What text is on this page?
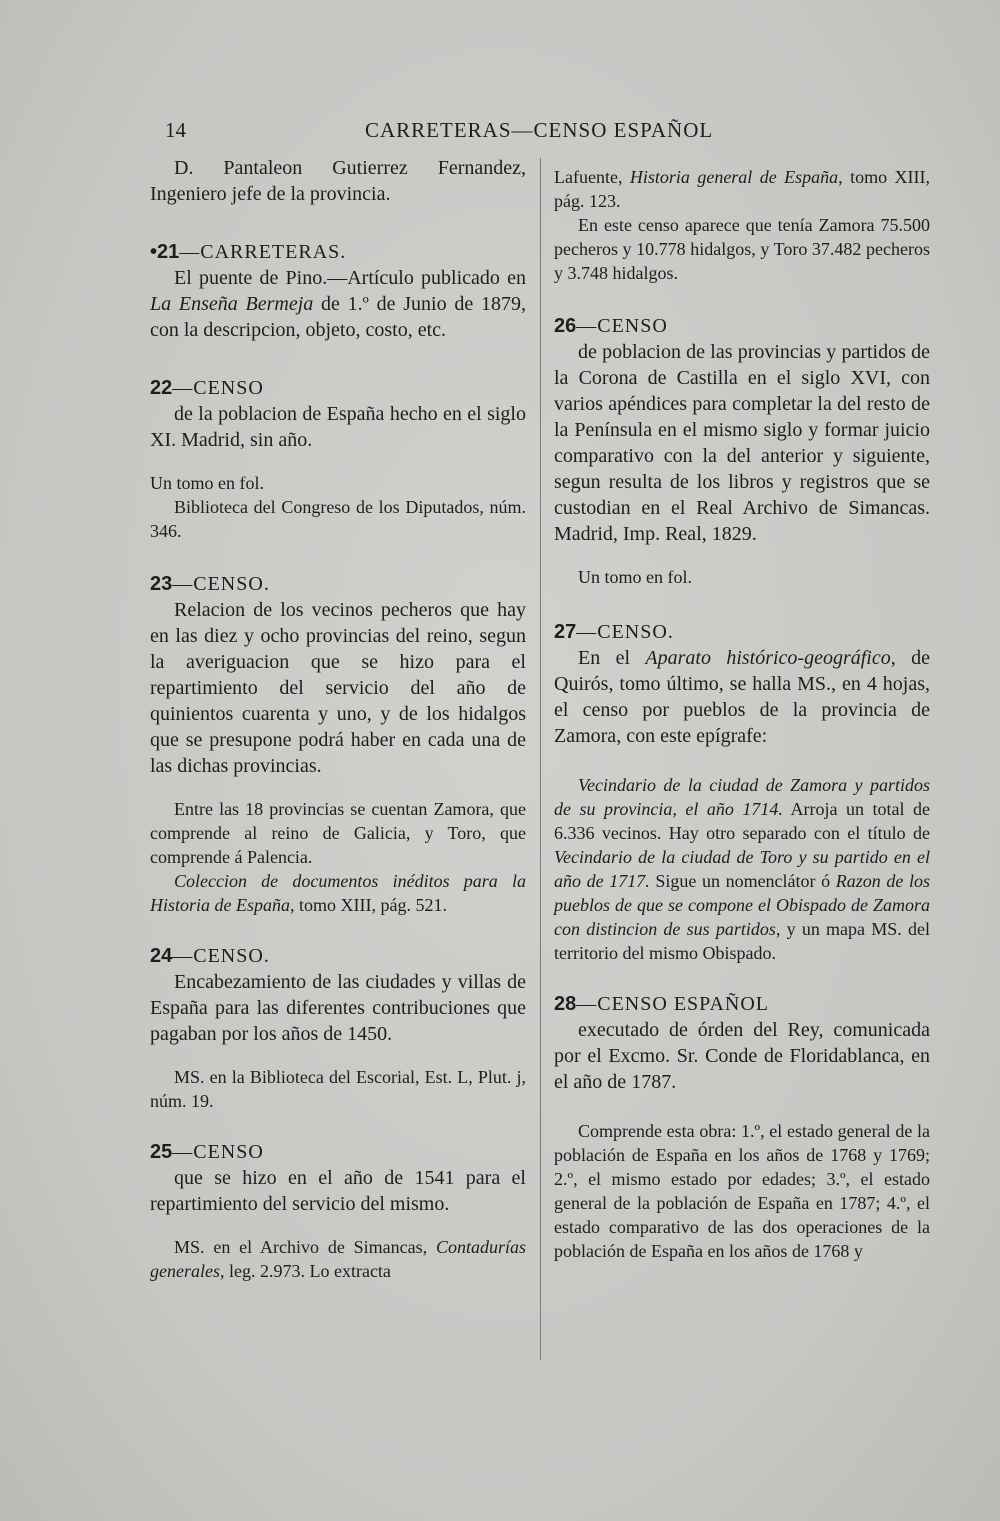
14	CARRETERAS—CENSO ESPAÑOL

D. Pantaleon Gutierrez Fernandez, Ingeniero jefe de la provincia.

•21—CARRETERAS.

El puente de Pino.—Artículo publicado en La Enseña Bermeja de 1.º de Junio de 1879, con la descripcion, objeto, costo, etc.

22—CENSO

de la poblacion de España hecho en el siglo XI. Madrid, sin año.

Un tomo en fol.

Biblioteca del Congreso de los Diputados, núm. 346.

23—CENSO.

Relacion de los vecinos pecheros que hay en las diez y ocho provincias del reino, segun la averiguacion que se hizo para el repartimiento del servicio del año de quinientos cuarenta y uno, y de los hidalgos que se presupone podrá haber en cada una de las dichas provincias.

Entre las 18 provincias se cuentan Zamora, que comprende al reino de Galicia, y Toro, que comprende á Palencia.

Coleccion de documentos inéditos para la Historia de España, tomo XIII, pág. 521.

24—CENSO.

Encabezamiento de las ciudades y villas de España para las diferentes contribuciones que pagaban por los años de 1450.

MS. en la Biblioteca del Escorial, Est. L, Plut. j, núm. 19.

25—CENSO

que se hizo en el año de 1541 para el repartimiento del servicio del mismo.

MS. en el Archivo de Simancas, Contadurías generales, leg. 2.973. Lo extracta

Lafuente, Historia general de España, tomo XIII, pág. 123.

En este censo aparece que tenía Zamora 75.500 pecheros y 10.778 hidalgos, y Toro 37.482 pecheros y 3.748 hidalgos.

26—CENSO

de poblacion de las provincias y partidos de la Corona de Castilla en el siglo XVI, con varios apéndices para completar la del resto de la Península en el mismo siglo y formar juicio comparativo con la del anterior y siguiente, segun resulta de los libros y registros que se custodian en el Real Archivo de Simancas. Madrid, Imp. Real, 1829.

Un tomo en fol.

27—CENSO.

En el Aparato histórico-geográfico, de Quirós, tomo último, se halla MS., en 4 hojas, el censo por pueblos de la provincia de Zamora, con este epígrafe:

Vecindario de la ciudad de Zamora y partidos de su provincia, el año 1714. Arroja un total de 6.336 vecinos. Hay otro separado con el título de Vecindario de la ciudad de Toro y su partido en el año de 1717. Sigue un nomenclátor ó Razon de los pueblos de que se compone el Obispado de Zamora con distincion de sus partidos, y un mapa MS. del territorio del mismo Obispado.

28—CENSO ESPAÑOL

executado de órden del Rey, comunicada por el Excmo. Sr. Conde de Floridablanca, en el año de 1787.

Comprende esta obra: 1.º, el estado general de la población de España en los años de 1768 y 1769; 2.º, el mismo estado por edades; 3.º, el estado general de la población de España en 1787; 4.º, el estado comparativo de las dos operaciones de la población de España en los años de 1768 y
